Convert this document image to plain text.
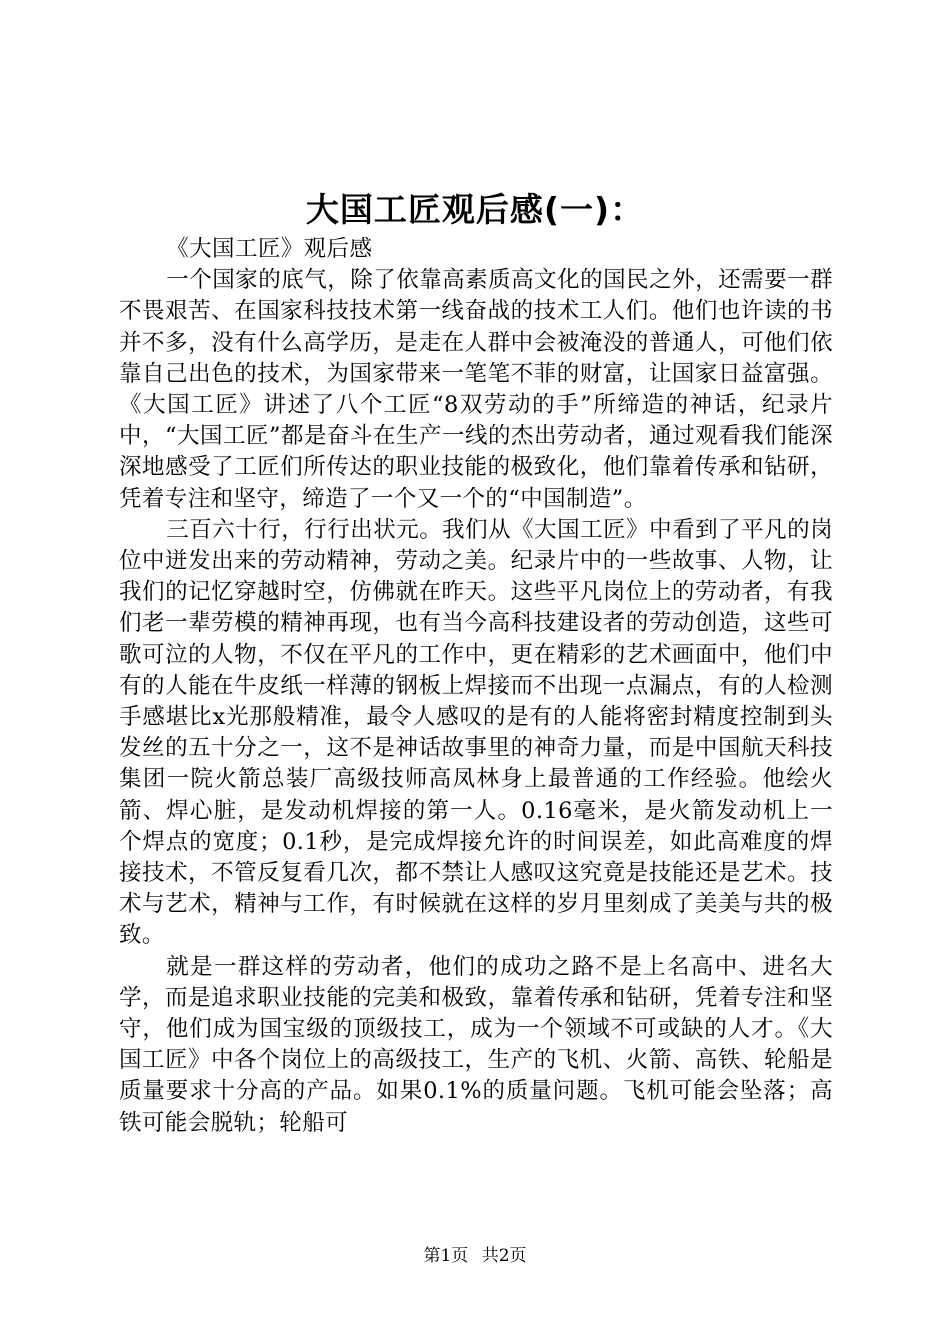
大国工匠观后感(一)：

《大国工匠》观后感

一个国家的底气，除了依靠高素质高文化的国民之外，还需要一群不畏艰苦、在国家科技技术第一线奋战的技术工人们。他们也许读的书并不多，没有什么高学历，是走在人群中会被淹没的普通人，可他们依靠自己出色的技术，为国家带来一笔笔不菲的财富，让国家日益富强。《大国工匠》讲述了八个工匠“8双劳动的手”所缔造的神话，纪录片中，“大国工匠”都是奋斗在生产一线的杰出劳动者，通过观看我们能深深地感受了工匠们所传达的职业技能的极致化，他们靠着传承和钻研，凭着专注和坚守，缔造了一个又一个的“中国制造”。

三百六十行，行行出状元。我们从《大国工匠》中看到了平凡的岗位中迸发出来的劳动精神，劳动之美。纪录片中的一些故事、人物，让我们的记忆穿越时空，仿佛就在昨天。这些平凡岗位上的劳动者，有我们老一辈劳模的精神再现，也有当今高科技建设者的劳动创造，这些可歌可泣的人物，不仅在平凡的工作中，更在精彩的艺术画面中，他们中有的人能在牛皮纸一样薄的钢板上焊接而不出现一点漏点，有的人检测手感堪比x光那般精准，最令人感叹的是有的人能将密封精度控制到头发丝的五十分之一，这不是神话故事里的神奇力量，而是中国航天科技集团一院火箭总装厂高级技师高凤林身上最普通的工作经验。他绘火箭、焊心脏，是发动机焊接的第一人。0.16毫米，是火箭发动机上一个焊点的宽度；0.1秒，是完成焊接允许的时间误差，如此高难度的焊接技术，不管反复看几次，都不禁让人感叹这究竟是技能还是艺术。技术与艺术，精神与工作，有时候就在这样的岁月里刻成了美美与共的极致。

就是一群这样的劳动者，他们的成功之路不是上名高中、进名大学，而是追求职业技能的完美和极致，靠着传承和钻研，凭着专注和坚守，他们成为国宝级的顶级技工，成为一个领域不可或缺的人才。《大国工匠》中各个岗位上的高级技工，生产的飞机、火箭、高铁、轮船是质量要求十分高的产品。如果0.1%的质量问题。飞机可能会坠落；高铁可能会脱轨；轮船可

第1页 共2页
